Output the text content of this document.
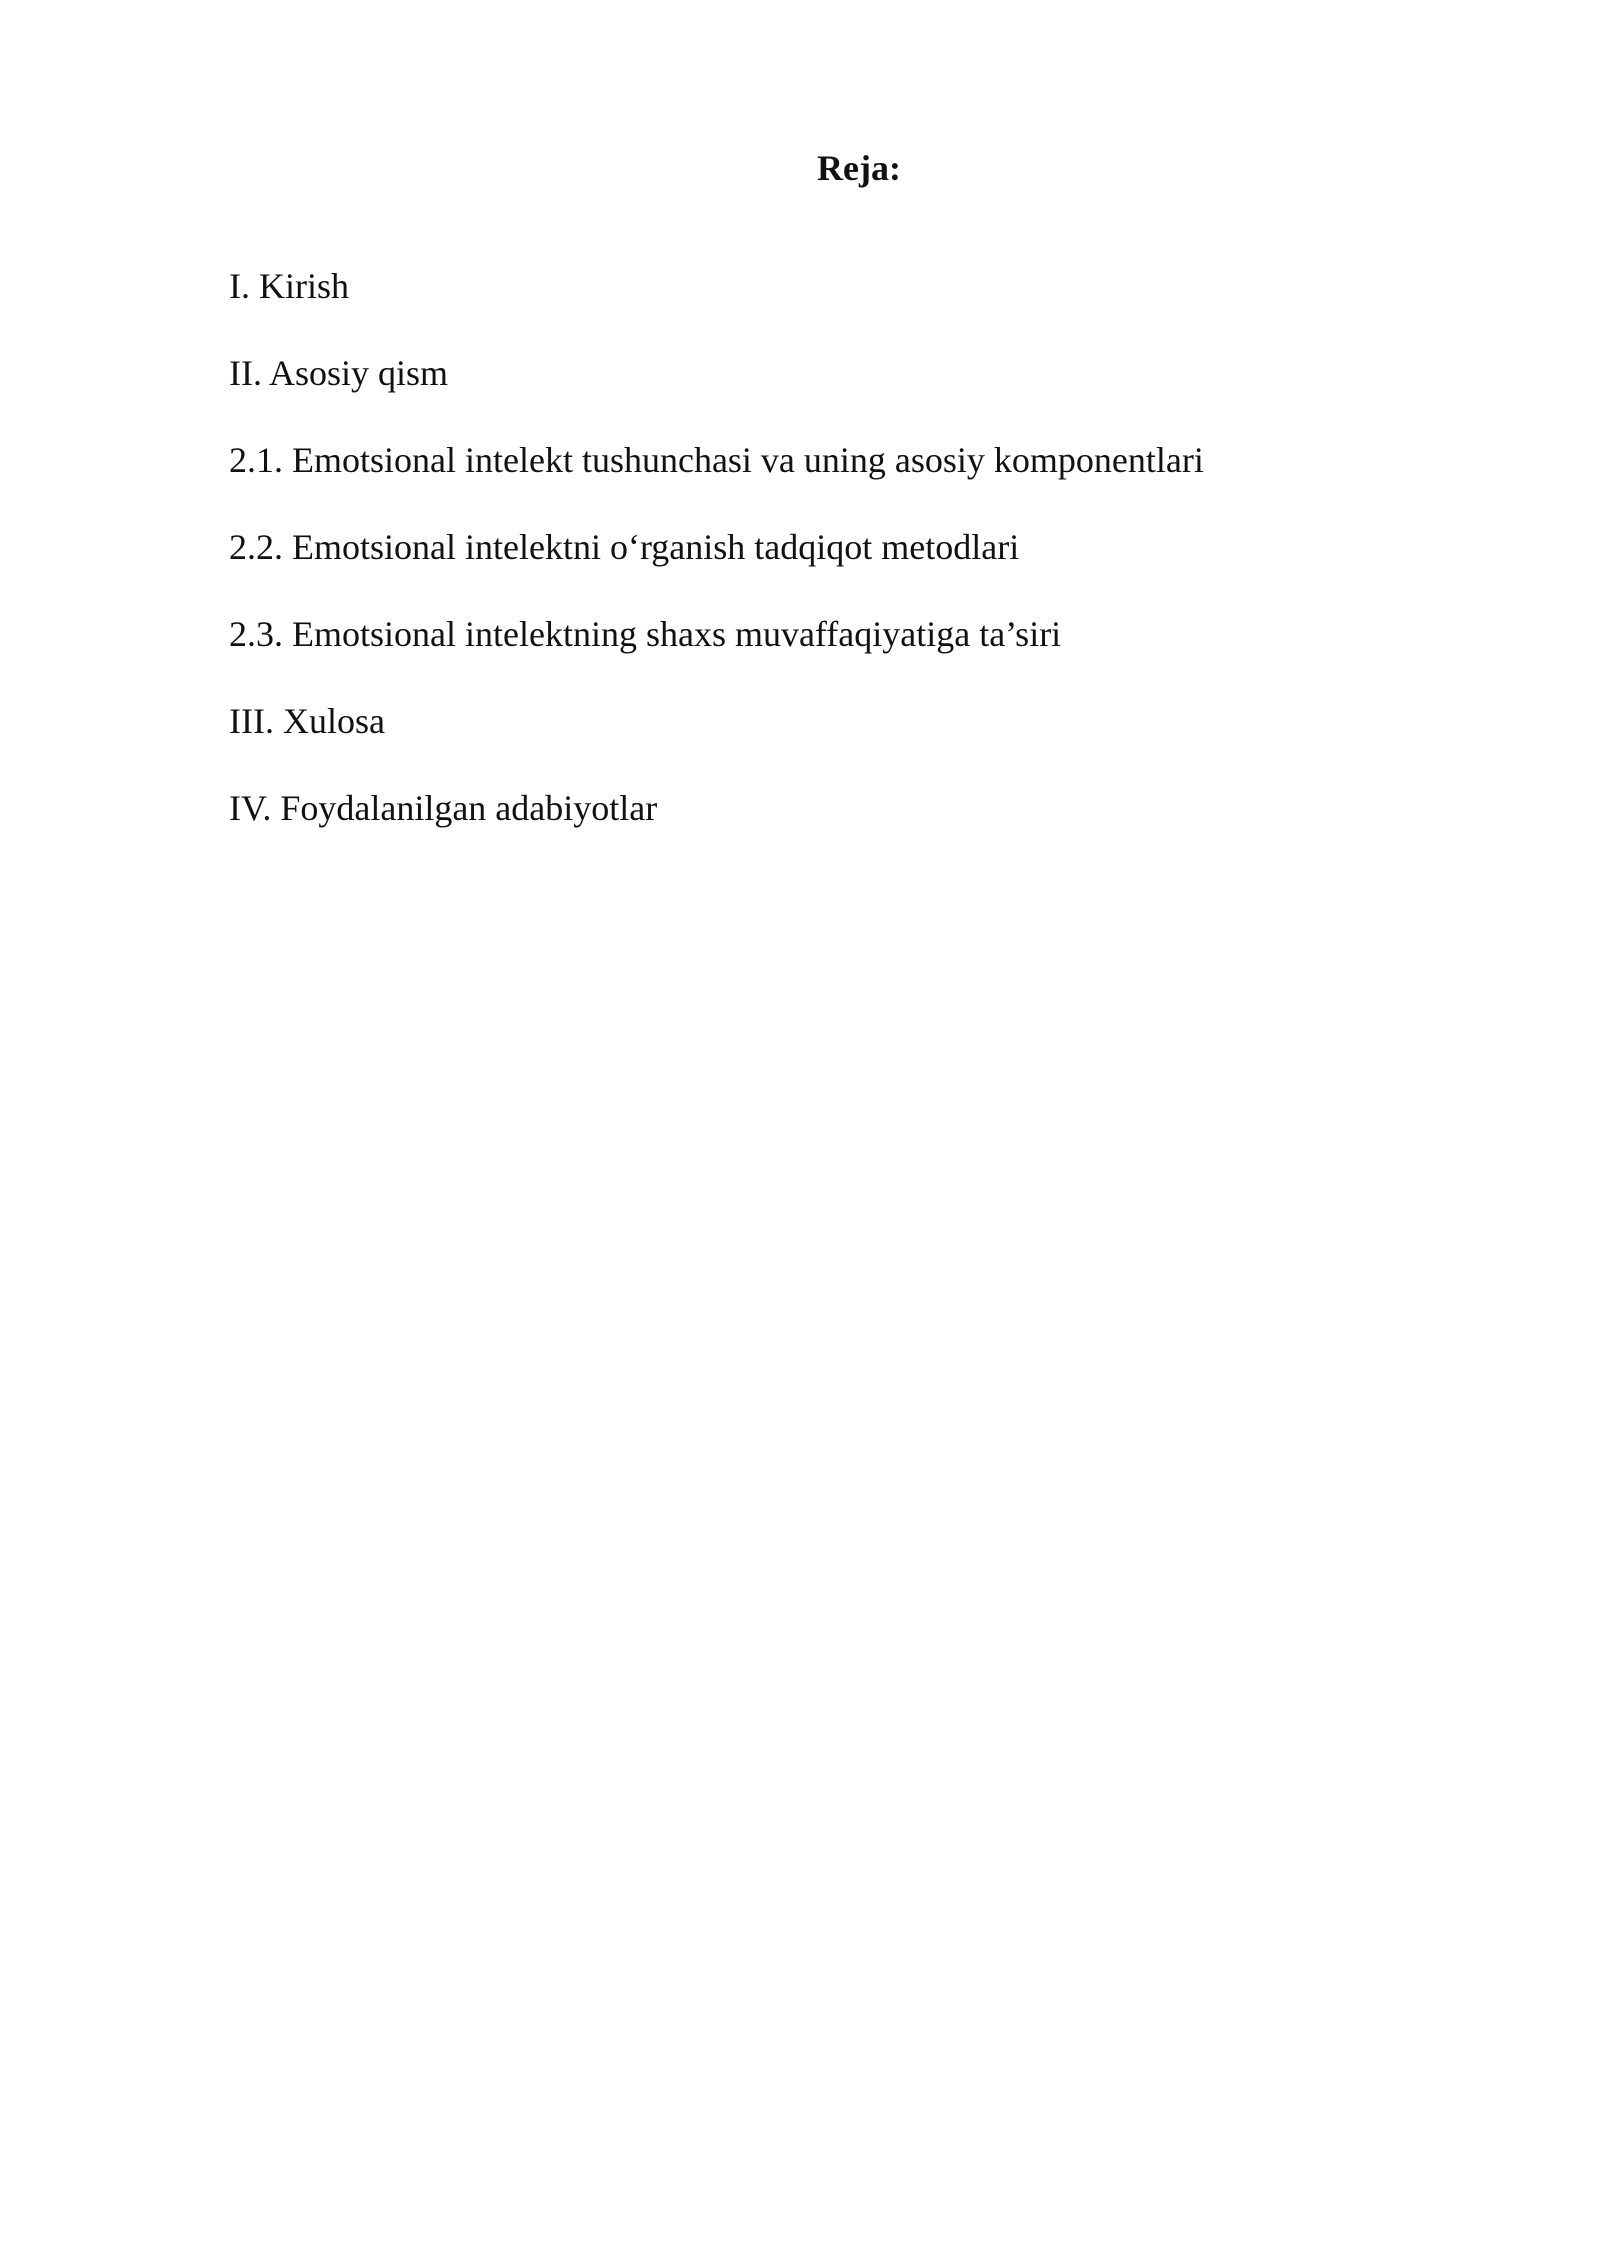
Reja:
I. Kirish
II. Asosiy qism
2.1. Emotsional intelekt tushunchasi va uning asosiy komponentlari
2.2. Emotsional intelektni o‘rganish tadqiqot metodlari
2.3. Emotsional intelektning shaxs muvaffaqiyatiga ta’siri
III. Xulosa
IV. Foydalanilgan adabiyotlar
